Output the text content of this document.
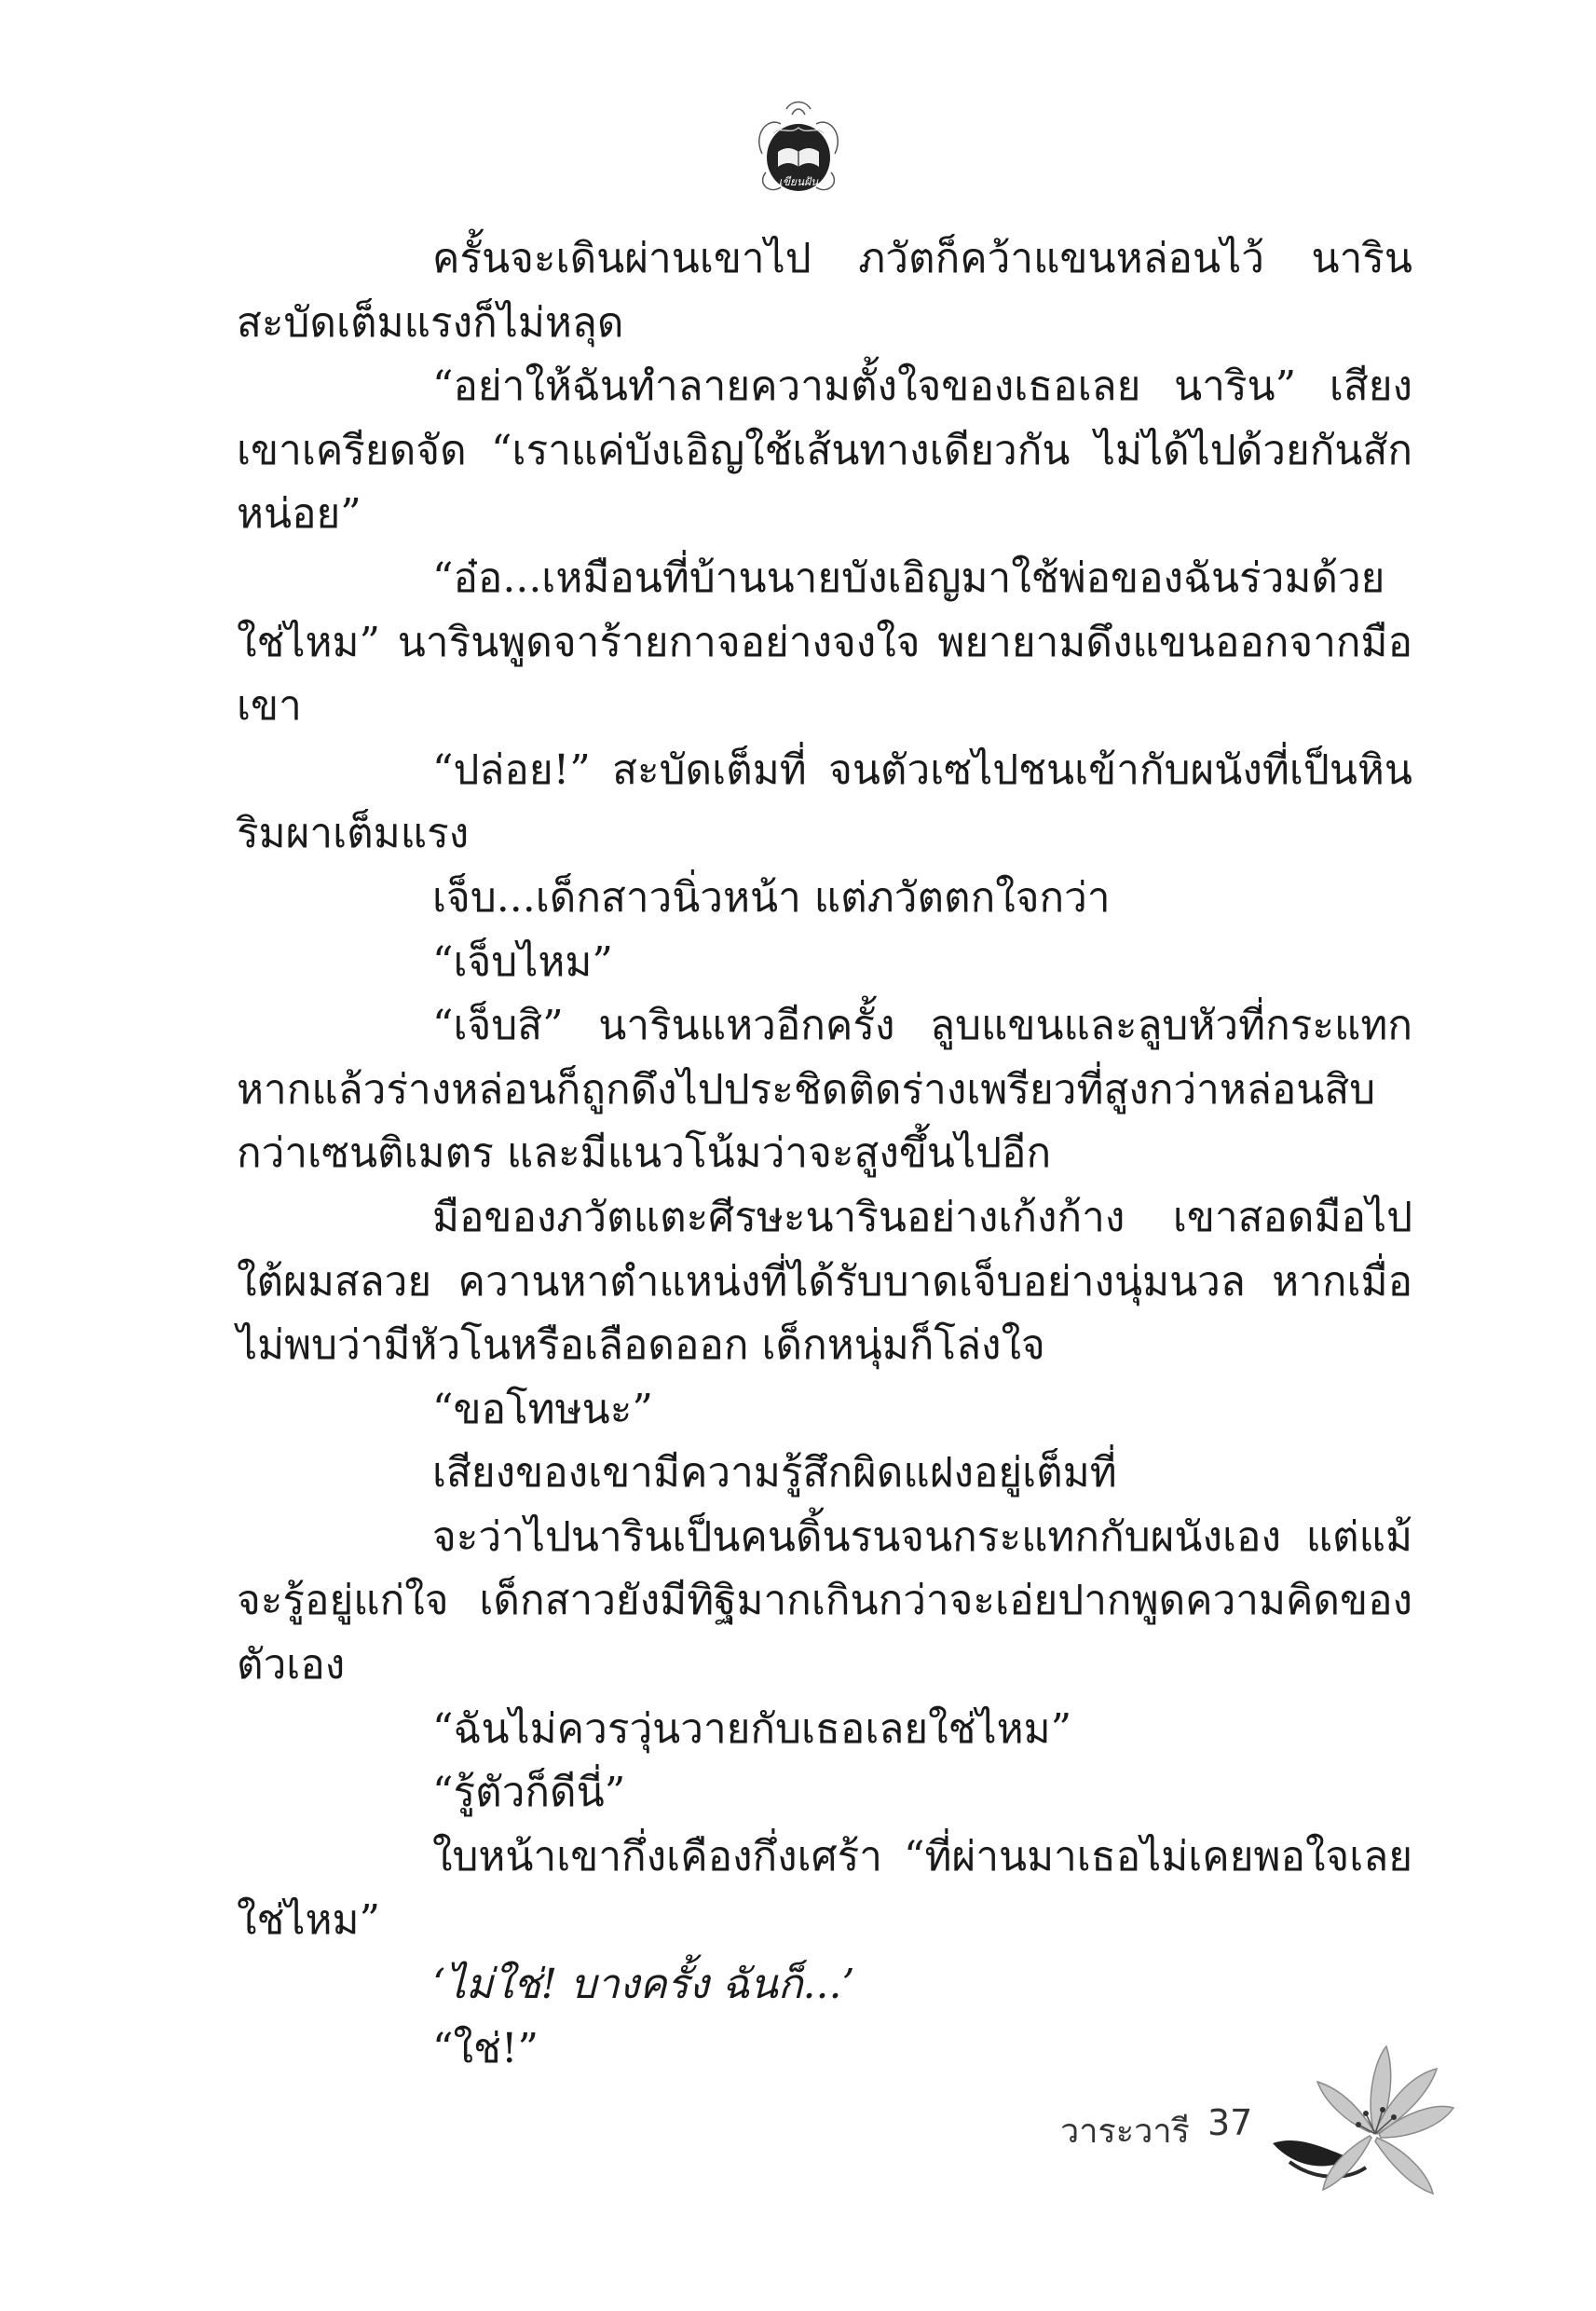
เขียนฝัน

ครั้นจะเดินผ่านเขาไป ภวัตก็คว้าแขนหล่อนไว้ นารินสะบัดเต็มแรงก็ไม่หลุด

“อย่าให้ฉันทำลายความตั้งใจของเธอเลย นาริน” เสียงเขาเครียดจัด “เราแค่บังเอิญใช้เส้นทางเดียวกัน ไม่ได้ไปด้วยกันสักหน่อย”

“อ๋อ...เหมือนที่บ้านนายบังเอิญมาใช้พ่อของฉันร่วมด้วยใช่ไหม” นารินพูดจาร้ายกาจอย่างจงใจ พยายามดึงแขนออกจากมือเขา

“ปล่อย!” สะบัดเต็มที่ จนตัวเซไปชนเข้ากับผนังที่เป็นหินริมผาเต็มแรง

เจ็บ...เด็กสาวนิ่วหน้า แต่ภวัตตกใจกว่า

“เจ็บไหม”

“เจ็บสิ” นารินแหวอีกครั้ง ลูบแขนและลูบหัวที่กระแทก หากแล้วร่างหล่อนก็ถูกดึงไปประชิดติดร่างเพรียวที่สูงกว่าหล่อนสิบกว่าเซนติเมตร และมีแนวโน้มว่าจะสูงขึ้นไปอีก

มือของภวัตแตะศีรษะนารินอย่างเก้งก้าง เขาสอดมือไปใต้ผมสลวย ควานหาตำแหน่งที่ได้รับบาดเจ็บอย่างนุ่มนวล หากเมื่อไม่พบว่ามีหัวโนหรือเลือดออก เด็กหนุ่มก็โล่งใจ

“ขอโทษนะ”

เสียงของเขามีความรู้สึกผิดแฝงอยู่เต็มที่

จะว่าไปนารินเป็นคนดิ้นรนจนกระแทกกับผนังเอง แต่แม้จะรู้อยู่แก่ใจ เด็กสาวยังมีทิฐิมากเกินกว่าจะเอ่ยปากพูดความคิดของตัวเอง

“ฉันไม่ควรวุ่นวายกับเธอเลยใช่ไหม”

“รู้ตัวก็ดีนี่”

ใบหน้าเขากึ่งเคืองกึ่งเศร้า “ที่ผ่านมาเธอไม่เคยพอใจเลยใช่ไหม”

‘ไม่ใช่! บางครั้ง ฉันก็...’

“ใช่!”

วาระวารี 37
